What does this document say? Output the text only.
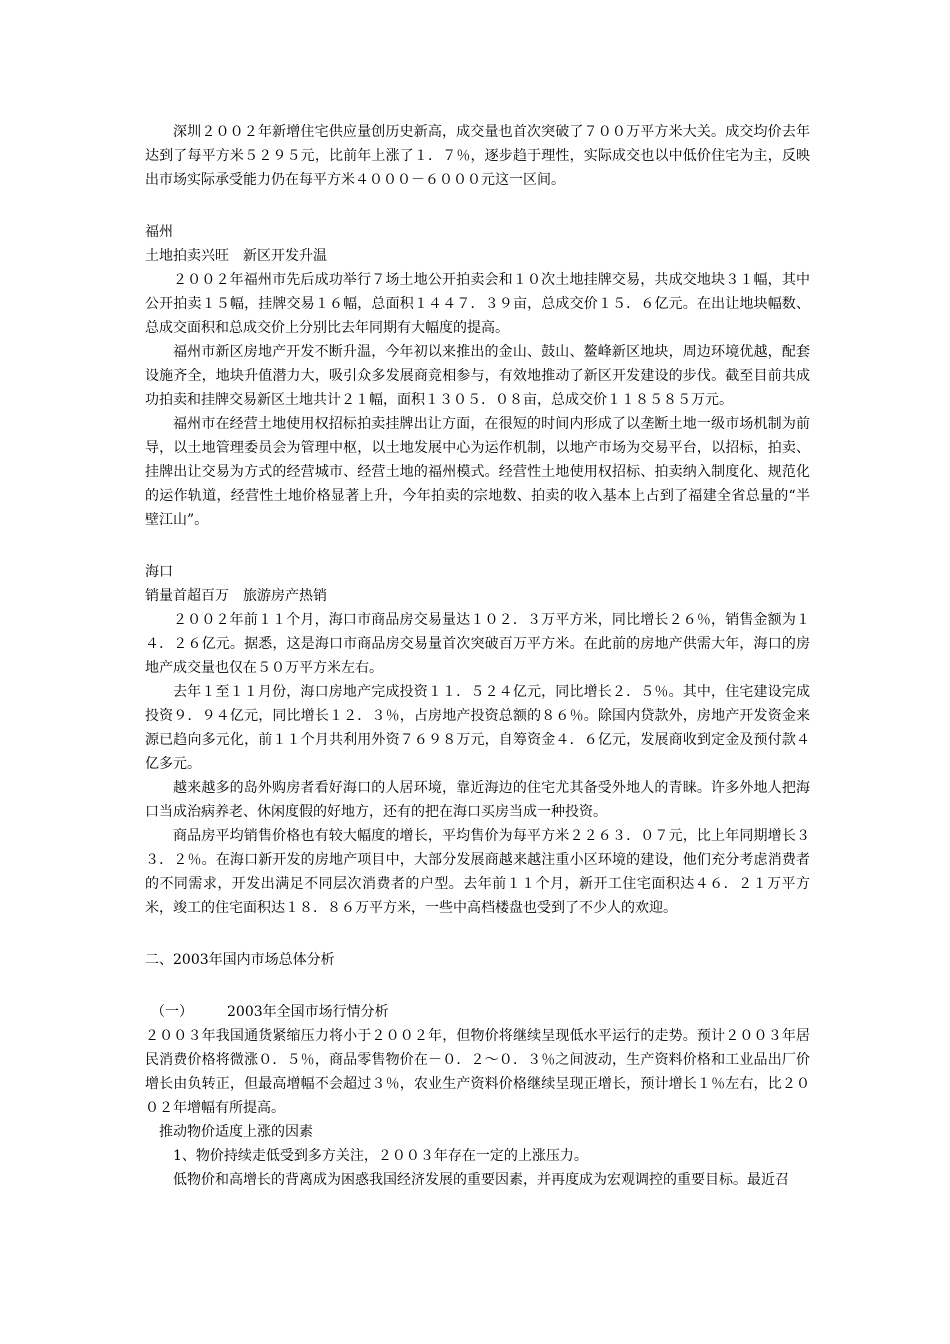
深圳２００２年新增住宅供应量创历史新高，成交量也首次突破了７００万平方米大关。成交均价去年达到了每平方米５２９５元，比前年上涨了１．７％，逐步趋于理性，实际成交也以中低价住宅为主，反映出市场实际承受能力仍在每平方米４０００－６０００元这一区间。

福州

土地拍卖兴旺　新区开发升温

２００２年福州市先后成功举行７场土地公开拍卖会和１０次土地挂牌交易，共成交地块３１幅，其中公开拍卖１５幅，挂牌交易１６幅，总面积１４４７．３９亩，总成交价１５．６亿元。在出让地块幅数、总成交面积和总成交价上分别比去年同期有大幅度的提高。

福州市新区房地产开发不断升温，今年初以来推出的金山、鼓山、鳌峰新区地块，周边环境优越，配套设施齐全，地块升值潜力大，吸引众多发展商竞相参与，有效地推动了新区开发建设的步伐。截至目前共成功拍卖和挂牌交易新区土地共计２１幅，面积１３０５．０８亩，总成交价１１８５８５万元。

福州市在经营土地使用权招标拍卖挂牌出让方面，在很短的时间内形成了以垄断土地一级市场机制为前导，以土地管理委员会为管理中枢，以土地发展中心为运作机制，以地产市场为交易平台，以招标，拍卖、挂牌出让交易为方式的经营城市、经营土地的福州模式。经营性土地使用权招标、拍卖纳入制度化、规范化的运作轨道，经营性土地价格显著上升，今年拍卖的宗地数、拍卖的收入基本上占到了福建全省总量的“半壁江山”。

海口

销量首超百万　旅游房产热销

２００２年前１１个月，海口市商品房交易量达１０２．３万平方米，同比增长２６％，销售金额为１４．２６亿元。据悉，这是海口市商品房交易量首次突破百万平方米。在此前的房地产供需大年，海口的房地产成交量也仅在５０万平方米左右。

去年１至１１月份，海口房地产完成投资１１．５２４亿元，同比增长２．５％。其中，住宅建设完成投资９．９４亿元，同比增长１２．３％，占房地产投资总额的８６％。除国内贷款外，房地产开发资金来源已趋向多元化，前１１个月共利用外资７６９８万元，自筹资金４．６亿元，发展商收到定金及预付款４亿多元。

越来越多的岛外购房者看好海口的人居环境，靠近海边的住宅尤其备受外地人的青睐。许多外地人把海口当成治病养老、休闲度假的好地方，还有的把在海口买房当成一种投资。

商品房平均销售价格也有较大幅度的增长，平均售价为每平方米２２６３．０７元，比上年同期增长３３．２％。在海口新开发的房地产项目中，大部分发展商越来越注重小区环境的建设，他们充分考虑消费者的不同需求，开发出满足不同层次消费者的户型。去年前１１个月，新开工住宅面积达４６．２１万平方米，竣工的住宅面积达１８．８６万平方米，一些中高档楼盘也受到了不少人的欢迎。

二、2003年国内市场总体分析

（一） 2003年全国市场行情分析

２００３年我国通货紧缩压力将小于２００２年，但物价将继续呈现低水平运行的走势。预计２００３年居民消费价格将微涨０．５％，商品零售物价在－０．２～０．３％之间波动，生产资料价格和工业品出厂价增长由负转正，但最高增幅不会超过３％，农业生产资料价格继续呈现正增长，预计增长１％左右，比２００２年增幅有所提高。

推动物价适度上涨的因素

1、物价持续走低受到多方关注，２００３年存在一定的上涨压力。

低物价和高增长的背离成为困惑我国经济发展的重要因素，并再度成为宏观调控的重要目标。最近召
